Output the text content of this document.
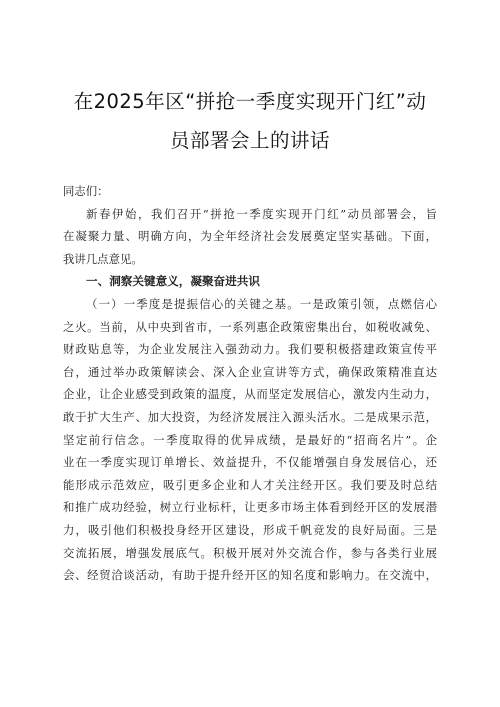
在2025年区“拼抢一季度实现开门红”动
员部署会上的讲话
同志们：
新春伊始，我们召开“拼抢一季度实现开门红”动员部署会，旨
在凝聚力量、明确方向，为全年经济社会发展奠定坚实基础。下面，
我讲几点意见。
一、洞察关键意义，凝聚奋进共识
（一）一季度是提振信心的关键之基。一是政策引领，点燃信心
之火。当前，从中央到省市，一系列惠企政策密集出台，如税收减免、
财政贴息等，为企业发展注入强劲动力。我们要积极搭建政策宣传平
台，通过举办政策解读会、深入企业宣讲等方式，确保政策精准直达
企业，让企业感受到政策的温度，从而坚定发展信心，激发内生动力，
敢于扩大生产、加大投资，为经济发展注入源头活水。二是成果示范，
坚定前行信念。一季度取得的优异成绩，是最好的“招商名片”。企
业在一季度实现订单增长、效益提升，不仅能增强自身发展信心，还
能形成示范效应，吸引更多企业和人才关注经开区。我们要及时总结
和推广成功经验，树立行业标杆，让更多市场主体看到经开区的发展潜
力，吸引他们积极投身经开区建设，形成千帆竞发的良好局面。三是
交流拓展，增强发展底气。积极开展对外交流合作，参与各类行业展
会、经贸洽谈活动，有助于提升经开区的知名度和影响力。在交流中，
